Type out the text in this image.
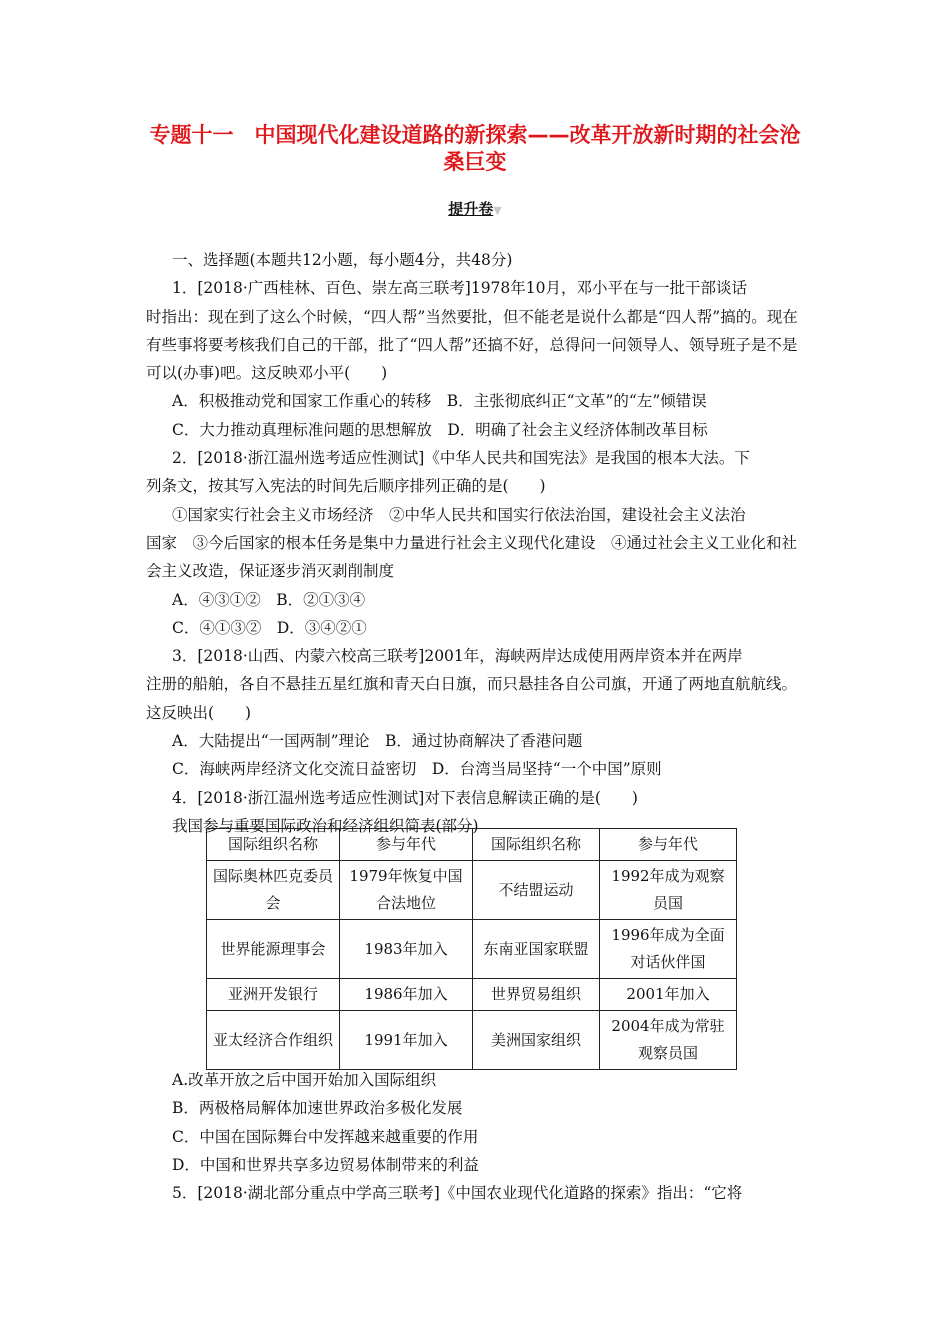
专题十一　中国现代化建设道路的新探索——改革开放新时期的社会沧桑巨变
提升卷▼

一、选择题(本题共12小题，每小题4分，共48分)

1．[2018·广西桂林、百色、崇左高三联考]1978年10月，邓小平在与一批干部谈话

时指出：现在到了这么个时候，“四人帮”当然要批，但不能老是说什么都是“四人帮”搞的。现在有些事将要考核我们自己的干部，批了“四人帮”还搞不好，总得问一问领导人、领导班子是不是可以(办事)吧。这反映邓小平(　　)

A．积极推动党和国家工作重心的转移　B．主张彻底纠正“文革”的“左”倾错误

C．大力推动真理标准问题的思想解放　D．明确了社会主义经济体制改革目标

2．[2018·浙江温州选考适应性测试]《中华人民共和国宪法》是我国的根本大法。下

列条文，按其写入宪法的时间先后顺序排列正确的是(　　)

①国家实行社会主义市场经济　②中华人民共和国实行依法治国，建设社会主义法治

国家　③今后国家的根本任务是集中力量进行社会主义现代化建设　④通过社会主义工业化和社会主义改造，保证逐步消灭剥削制度

A．④③①②　B．②①③④

C．④①③②　D．③④②①

3．[2018·山西、内蒙六校高三联考]2001年，海峡两岸达成使用两岸资本并在两岸

注册的船舶，各自不悬挂五星红旗和青天白日旗，而只悬挂各自公司旗，开通了两地直航航线。这反映出(　　)

A．大陆提出“一国两制”理论　B．通过协商解决了香港问题

C．海峡两岸经济文化交流日益密切　D．台湾当局坚持“一个中国”原则

4．[2018·浙江温州选考适应性测试]对下表信息解读正确的是(　　)

我国参与重要国际政治和经济组织简表(部分)

国际组织名称	参与年代	国际组织名称	参与年代
国际奥林匹克委员会	1979年恢复中国合法地位	不结盟运动	1992年成为观察员国
世界能源理事会	1983年加入	东南亚国家联盟	1996年成为全面对话伙伴国
亚洲开发银行	1986年加入	世界贸易组织	2001年加入
亚太经济合作组织	1991年加入	美洲国家组织	2004年成为常驻观察员国

A.改革开放之后中国开始加入国际组织

B．两极格局解体加速世界政治多极化发展

C．中国在国际舞台中发挥越来越重要的作用

D．中国和世界共享多边贸易体制带来的利益

5．[2018·湖北部分重点中学高三联考]《中国农业现代化道路的探索》指出：“它将
